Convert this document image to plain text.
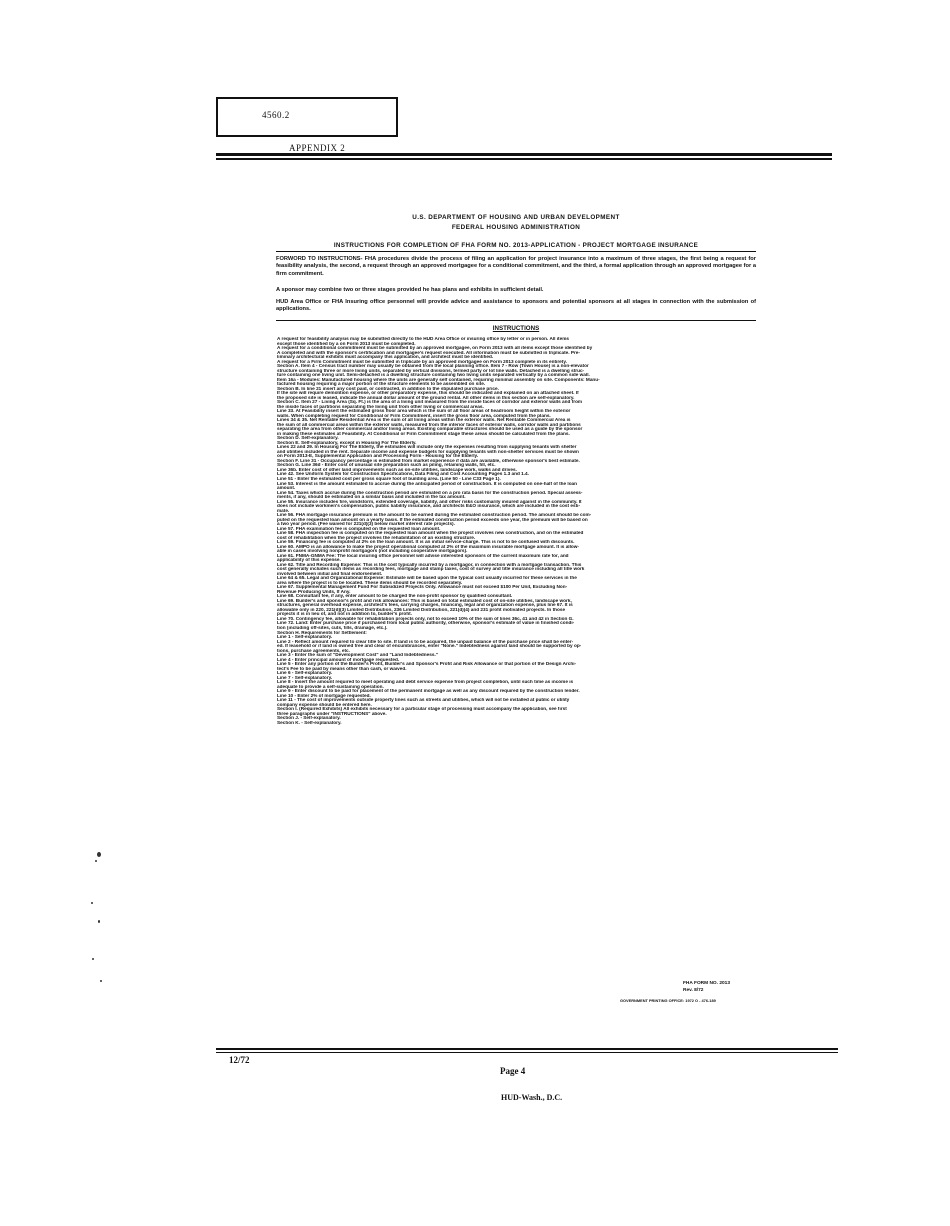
4560.2
APPENDIX 2
U.S. DEPARTMENT OF HOUSING AND URBAN DEVELOPMENT
FEDERAL HOUSING ADMINISTRATION
INSTRUCTIONS FOR COMPLETION OF FHA FORM NO. 2013-APPLICATION - PROJECT MORTGAGE INSURANCE

FORWORD TO INSTRUCTIONS- FHA procedures divide the process of filing an application for project insurance into a maximum of three stages, the first being a request for feasibility analysis, the second, a request through an approved mortgagee for a conditional commitment, and the third, a formal application through an approved mortgagee for a firm commitment.

A sponsor may combine two or three stages provided he has plans and exhibits in sufficient detail.

HUD Area Office or FHA Insuring office personnel will provide advice and assistance to sponsors and potential sponsors at all stages in connection with the submission of applications.

INSTRUCTIONS
A request for feasibility analysis may be submitted directly to the HUD Area Office or insuring office by letter or in person. All items
except those identified by a on Form 2013 must be completed.
A request for a conditional commitment must be submitted by an approved mortgagee, on Form 2013 with all items except those identified by
A completed and with the sponsor's certification and mortgagee's request executed. All information must be submitted in triplicate. Pre-
liminary architectural exhibits must accompany this application, and architect must be identified.
A request for a Firm Commitment must be submitted in triplicate by an approved mortgagee on Form 2013 complete in its entirety.
Section A. Item 4 - Census tract number may usually be obtained from the local planning office. Item 7 - Row (Town House) is a non-elevator
structure containing three or more living units, separated by vertical divisions, termed party or lot line walls. Detached is a dwelling struc-
ture containing one living unit. Semi-detached is a dwelling structure containing two living units separated vertically by a common side wall.
Item 16a - Modules: Manufactured housing where the units are generally self contained, requiring minimal assembly on site. Components: Manu-
factured housing requiring a major portion of the structure elements to be assembled on site.
Section B. In line 21 insert any cost paid, or contracted, in addition to the stipulated purchase price.
If the site will require demolition expense, or other preparatory expense, this should be indicated and explained on an attached sheet. If
the proposed site is leased, indicate the annual dollar amount of the ground rental. All other items in this section are self-explanatory.
Section C. Item 27 - Living Area (Sq. Ft.) is the area of a living unit measured from the inside faces of corridor and exterior walls and from
the inside faces of partitions separating the living unit from other living or commercial areas.
Line 33. At Feasibility insert the estimated gross floor area which is the sum of all floor areas of headroom height within the exterior
walls. When completing request for Conditional or Firm Commitment, insert the gross floor area, computed from the plans.
Lines 34 & 35. Net Rentable Residential Area is the sum of all living areas within the exterior walls. Net Rentable Commercial Area is
the sum of all commercial areas within the exterior walls, measured from the interior faces of exterior walls, corridor walls and partitions
separating the area from other commercial and/or living areas. Existing comparable structures should be used as a guide by the sponsor
in making these estimates at Feasibility. At Conditional or Firm Commitment stage these areas should be calculated from the plans.
Section D. Self-explanatory.
Section E. Self-explanatory, except in Housing For The Elderly.
Lines 22 and 29. In Housing For The Elderly, the estimates will include only the expenses resulting from supplying tenants with shelter
and utilities included in the rent. Separate income and expense budgets for supplying tenants with non-shelter services must be shown
on Form 2013-E, Supplemental Application and Processing Form - Housing for the Elderly.
Section F. Line 31 - Occupancy percentage is estimated from market experience if data are available, otherwise sponsor's best estimate.
Section G. Line 36d - Enter cost of unusual site preparation such as piling, retaining walls, fill, etc.
Line 36b. Enter cost of other land improvements such as on-site utilities, landscape work, walks and drives.
Line 42. See Uniform System for Construction Specifications, Data Filing and Cost Accounting Pages 1.3 and 1.4.
Line 51 - Enter the estimated cost per gross square foot of building area. (Line 50 - Line C33 Page 1).
Line 53. Interest is the amount estimated to accrue during the anticipated period of construction. It is computed on one-half of the loan
amount.
Line 54. Taxes which accrue during the construction period are estimated on a pro rata basis for the construction period. Special assess-
ments, if any, should be estimated on a similar basis and included in the tax amount.
Line 55. Insurance includes fire, windstorm, extended coverage, liability, and other risks customarily insured against in the community. It
does not include workmen's compensation, public liability insurance, and architects E&O insurance, which are included in the cost esti-
mate.
Line 56. FHA mortgage insurance premium is the amount to be earned during the estimated construction period. The amount should be com-
puted on the requested loan amount on a yearly basis. If the estimated construction period exceeds one year, the premium will be based on
a two year period. (Fee waived for 221(d)(3) below market interest rate projects).
Line 57. FHA examination fee is computed on the requested loan amount.
Line 58. FHA inspection fee is computed on the requested loan amount when the project involves new construction, and on the estimated
cost of rehabilitation when the project involves the rehabilitation of an existing structure.
Line 59. Financing fee is computed at 2% on the loan amount. It is an initial service-charge. This is not to be confused with discounts.
Line 60. AMPO is an allowance to make the project operational computed at 2% of the maximum insurable mortgage amount. It is allow-
able in cases involving nonprofit mortgagors (not including cooperative mortgagors).
Line 61. FNMA-GNMA Fee: The local insuring office personnel will advise interested sponsors of the current maximum rate for, and
applicability of this expense.
Line 62. Title and Recording Expense: This is the cost typically incurred by a mortgagor, in connection with a mortgage transaction. This
cost generally includes such items as recording fees, mortgage and stamp taxes, cost of survey and title insurance including all title work
involved between initial and final endorsement.
Line 64 & 65. Legal and Organizational Expense: Estimate will be based upon the typical cost usually incurred for these services in the
area where the project is to be located. These items should be recorded separately.
Line 67. Supplemental Management Fund For Subsidized Projects Only. Allowance must not exceed $100 Per Unit, Excluding Non-
Revenue Producing Units, If Any.
Line 68. Consultant fee, if any, enter amount to be charged the non-profit sponsor by qualified consultant.
Line 69. Builder's and sponsor's profit and risk allowances: This is based on total estimated cost of on-site utilities, landscape work,
structures, general overhead expense, architect's fees, carrying charges, financing, legal and organization expense, plus line 67. It is
allowable only in 220, 221(d)(3) Limited Distribution, 236 Limited Distribution, 221(d)(4) and 231 profit motivated projects. In those
projects it is in lieu of, and not in addition to, builder's profit.
Line 70. Contingency fee, allowable for rehabilitation projects only, not to exceed 10% of the sum of lines 36c, 41 and 42 in Section G.
Line 72. Land: Enter purchase price if purchased from local public authority, otherwise, sponsor's estimate of value in finished condi-
tion (including off-sites, cuts, fills, drainage, etc.).
Section H. Requirements for Settlement:
Line 1 - Self-explanatory.
Line 2 - Reflect amount required to clear title to site. If land is to be acquired, the unpaid balance of the purchase price shall be enter-
ed. If leasehold or if land is owned free and clear of encumbrances, enter "None." Indebtedness against land should be supported by op-
tions, purchase agreements, etc.
Line 3 - Enter the sum of "Development Cost" and "Land Indebtedness."
Line 4 - Enter principal amount of mortgage requested.
Line 5 - Enter any portion of the Builder's Profit, Builder's and Sponsor's Profit and Risk Allowance or that portion of the Design Archi-
tect's Fee to be paid by means other than cash, or waived.
Line 6 - Self-explanatory.
Line 7 - Self-explanatory.
Line 8 - Insert the amount required to meet operating and debt service expense from project completion, until such time as income is
adequate to provide a self-sustaining operation.
Line 9 - Enter discount to be paid for placement of the permanent mortgage as well as any discount required by the construction lender.
Line 10 - Enter 2% of mortgage requested.
Line 11 - The cost of improvements outside property lines such as streets and utilities, which will not be installed at public or utility
company expense should be entered here.
Section I. (Required Exhibits) All exhibits necessary for a particular stage of processing must accompany the application, see first
three paragraphs under "INSTRUCTIONS" above.
Section J. - Self-explanatory.
Section K. - Self-explanatory.
FHA FORM NO. 2013
Rev. 8/72
GOVERNMENT PRINTING OFFICE: 1972 O - 476-189
12/72
Page 4
HUD-Wash., D.C.
